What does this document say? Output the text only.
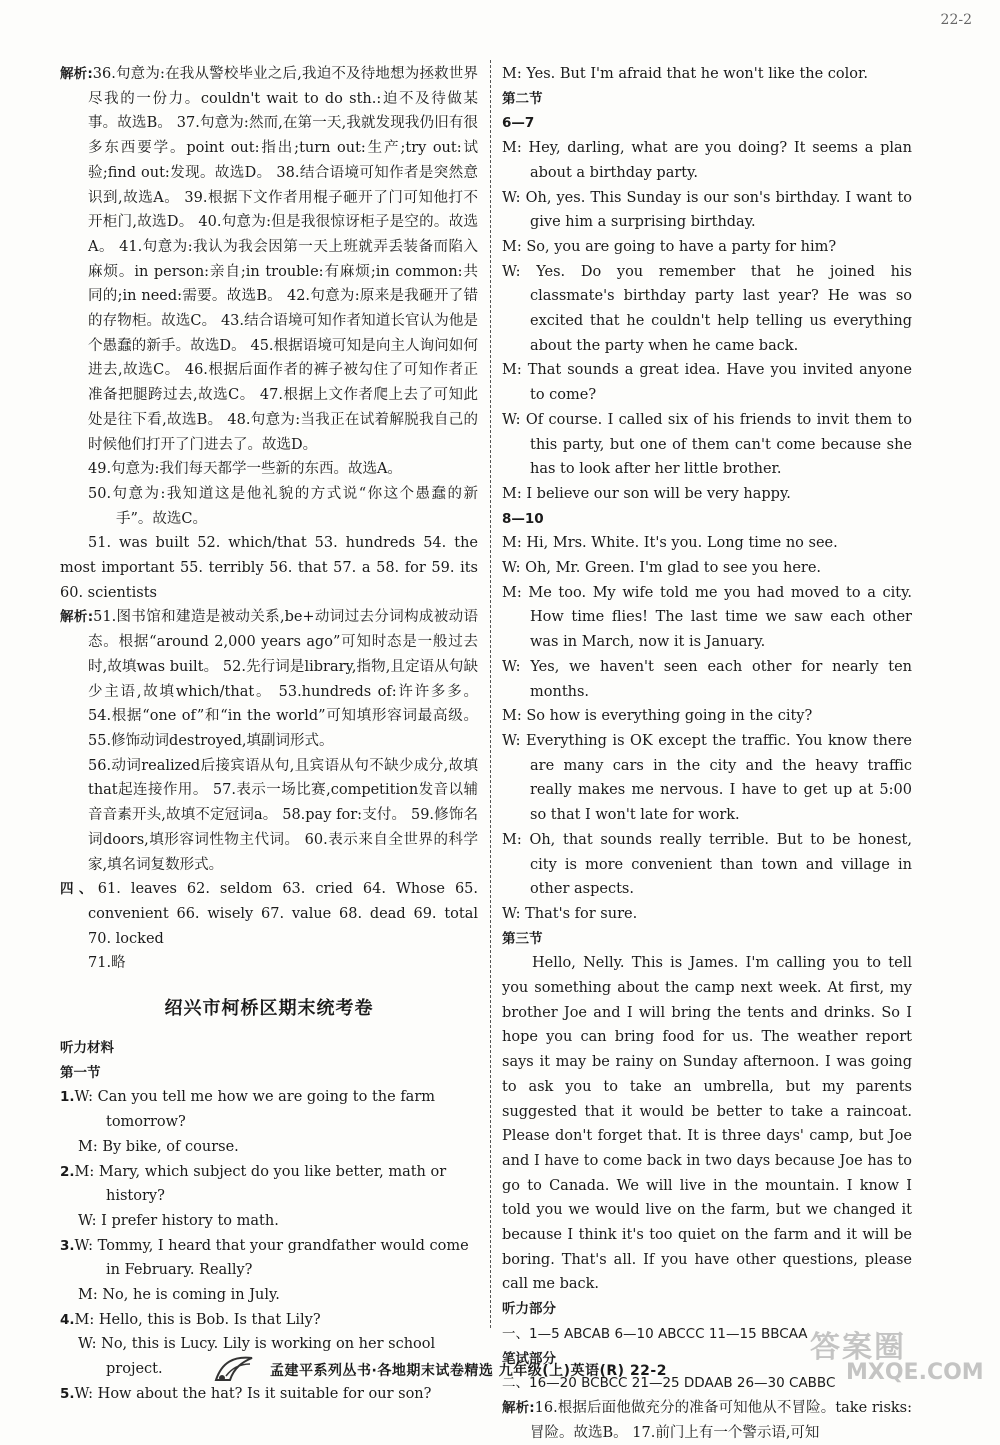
22-2

解析:36.句意为:在我从警校毕业之后,我迫不及待地想为拯救世界尽我的一份力。couldn't wait to do sth.:迫不及待做某事。故选B。 37.句意为:然而,在第一天,我就发现我仍旧有很多东西要学。point out:指出;turn out:生产;try out:试验;find out:发现。故选D。 38.结合语境可知作者是突然意识到,故选A。 39.根据下文作者用棍子砸开了门可知他打不开柜门,故选D。 40.句意为:但是我很惊讶柜子是空的。故选A。 41.句意为:我认为我会因第一天上班就弄丢装备而陷入麻烦。in person:亲自;in trouble:有麻烦;in common:共同的;in need:需要。故选B。 42.句意为:原来是我砸开了错的存物柜。故选C。 43.结合语境可知作者知道长官认为他是个愚蠢的新手。故选D。 45.根据语境可知是向主人询问如何进去,故选C。 46.根据后面作者的裤子被勾住了可知作者正准备把腿跨过去,故选C。 47.根据上文作者爬上去了可知此处是往下看,故选B。 48.句意为:当我正在试着解脱我自己的时候他们打开了门进去了。故选D。

49.句意为:我们每天都学一些新的东西。故选A。

50.句意为:我知道这是他礼貌的方式说“你这个愚蠢的新手”。故选C。

51. was built 52. which/that 53. hundreds 54. the most important 55. terribly 56. that 57. a 58. for 59. its 60. scientists

解析:51.图书馆和建造是被动关系,be+动词过去分词构成被动语态。根据“around 2,000 years ago”可知时态是一般过去时,故填was built。 52.先行词是library,指物,且定语从句缺少主语,故填which/that。 53.hundreds of:许许多多。 54.根据“one of”和“in the world”可知填形容词最高级。 55.修饰动词destroyed,填副词形式。

56.动词realized后接宾语从句,且宾语从句不缺少成分,故填that起连接作用。 57.表示一场比赛,competition发音以辅音音素开头,故填不定冠词a。 58.pay for:支付。 59.修饰名词doors,填形容词性物主代词。 60.表示来自全世界的科学家,填名词复数形式。

四、61. leaves 62. seldom 63. cried 64. Whose 65. convenient 66. wisely 67. value 68. dead 69. total 70. locked

71.略

绍兴市柯桥区期末统考卷

听力材料

第一节

1.W: Can you tell me how we are going to the farm tomorrow?

M: By bike, of course.

2.M: Mary, which subject do you like better, math or history?

W: I prefer history to math.

3.W: Tommy, I heard that your grandfather would come in February. Really?

M: No, he is coming in July.

4.M: Hello, this is Bob. Is that Lily?

W: No, this is Lucy. Lily is working on her school project.

5.W: How about the hat? Is it suitable for our son?

M: Yes. But I'm afraid that he won't like the color.

第二节

6—7

M: Hey, darling, what are you doing? It seems a plan about a birthday party.

W: Oh, yes. This Sunday is our son's birthday. I want to give him a surprising birthday.

M: So, you are going to have a party for him?

W: Yes. Do you remember that he joined his classmate's birthday party last year? He was so excited that he couldn't help telling us everything about the party when he came back.

M: That sounds a great idea. Have you invited anyone to come?

W: Of course. I called six of his friends to invit them to this party, but one of them can't come because she has to look after her little brother.

M: I believe our son will be very happy.

8—10

M: Hi, Mrs. White. It's you. Long time no see.

W: Oh, Mr. Green. I'm glad to see you here.

M: Me too. My wife told me you had moved to a city. How time flies! The last time we saw each other was in March, now it is January.

W: Yes, we haven't seen each other for nearly ten months.

M: So how is everything going in the city?

W: Everything is OK except the traffic. You know there are many cars in the city and the heavy traffic really makes me nervous. I have to get up at 5:00 so that I won't late for work.

M: Oh, that sounds really terrible. But to be honest, city is more convenient than town and village in other aspects.

W: That's for sure.

第三节

Hello, Nelly. This is James. I'm calling you to tell you something about the camp next week. At first, my brother Joe and I will bring the tents and drinks. So I hope you can bring food for us. The weather report says it may be rainy on Sunday afternoon. I was going to ask you to take an umbrella, but my parents suggested that it would be better to take a raincoat. Please don't forget that. It is three days' camp, but Joe and I have to come back in two days because Joe has to go to Canada. We will live in the mountain. I know I told you we would live on the farm, but we changed it because I think it's too quiet on the farm and it will be boring. That's all. If you have other questions, please call me back.

听力部分

一、1—5 ABCAB 6—10 ABCCC 11—15 BBCAA

笔试部分

二、16—20 BCBCC 21—25 DDAAB 26—30 CABBC

解析:16.根据后面他做充分的准备可知他从不冒险。take risks:冒险。故选B。 17.前门上有一个警示语,可知

孟建平系列丛书·各地期末试卷精选 九年级(上)英语(R) 22-2
答案圈
MXQE.COM
